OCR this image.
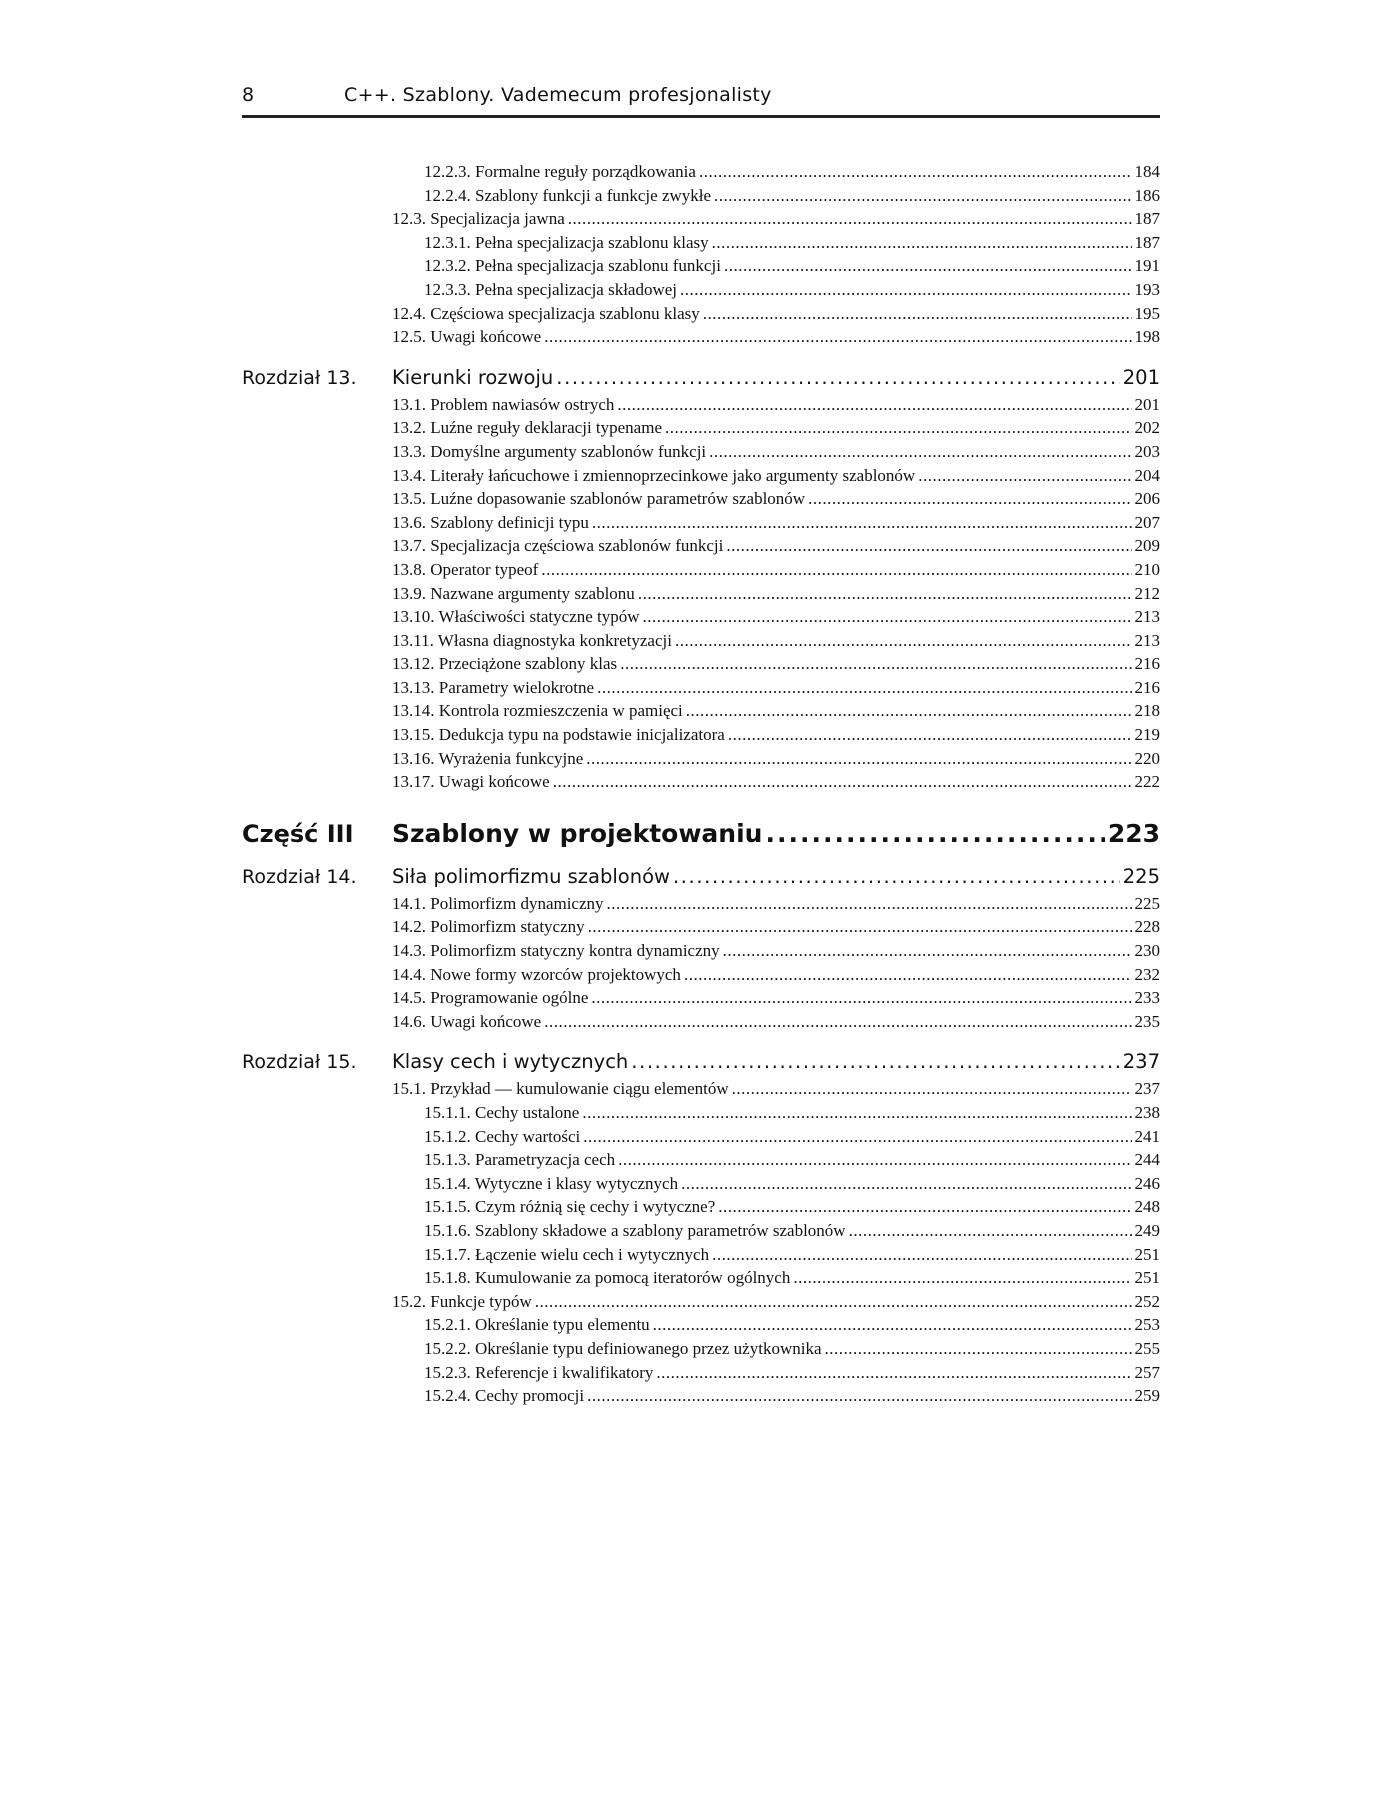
8	C++. Szablony. Vademecum profesjonalisty
12.2.3. Formalne reguły porządkowania .....	184
12.2.4. Szablony funkcji a funkcje zwykłe .....	186
12.3. Specjalizacja jawna .....	187
12.3.1. Pełna specjalizacja szablonu klasy .....	187
12.3.2. Pełna specjalizacja szablonu funkcji .....	191
12.3.3. Pełna specjalizacja składowej .....	193
12.4. Częściowa specjalizacja szablonu klasy .....	195
12.5. Uwagi końcowe .....	198
Rozdział 13. Kierunki rozwoju .....	201
13.1. Problem nawiasów ostrych .....	201
13.2. Luźne reguły deklaracji typename .....	202
13.3. Domyślne argumenty szablonów funkcji .....	203
13.4. Literały łańcuchowe i zmiennoprzecinkowe jako argumenty szablonów .....	204
13.5. Luźne dopasowanie szablonów parametrów szablonów .....	206
13.6. Szablony definicji typu .....	207
13.7. Specjalizacja częściowa szablonów funkcji .....	209
13.8. Operator typeof .....	210
13.9. Nazwane argumenty szablonu .....	212
13.10. Właściwości statyczne typów .....	213
13.11. Własna diagnostyka konkretyzacji .....	213
13.12. Przeciążone szablony klas .....	216
13.13. Parametry wielokrotne .....	216
13.14. Kontrola rozmieszczenia w pamięci .....	218
13.15. Dedukcja typu na podstawie inicjalizatora .....	219
13.16. Wyrażenia funkcyjne .....	220
13.17. Uwagi końcowe .....	222
Część III Szablony w projektowaniu .....	223
Rozdział 14. Siła polimorfizmu szablonów .....	225
14.1. Polimorfizm dynamiczny .....	225
14.2. Polimorfizm statyczny .....	228
14.3. Polimorfizm statyczny kontra dynamiczny .....	230
14.4. Nowe formy wzorców projektowych .....	232
14.5. Programowanie ogólne .....	233
14.6. Uwagi końcowe .....	235
Rozdział 15. Klasy cech i wytycznych .....	237
15.1. Przykład — kumulowanie ciągu elementów .....	237
15.1.1. Cechy ustalone .....	238
15.1.2. Cechy wartości .....	241
15.1.3. Parametryzacja cech .....	244
15.1.4. Wytyczne i klasy wytycznych .....	246
15.1.5. Czym różnią się cechy i wytyczne? .....	248
15.1.6. Szablony składowe a szablony parametrów szablonów .....	249
15.1.7. Łączenie wielu cech i wytycznych .....	251
15.1.8. Kumulowanie za pomocą iteratorów ogólnych .....	251
15.2. Funkcje typów .....	252
15.2.1. Określanie typu elementu .....	253
15.2.2. Określanie typu definiowanego przez użytkownika .....	255
15.2.3. Referencje i kwalifikatory .....	257
15.2.4. Cechy promocji .....	259
